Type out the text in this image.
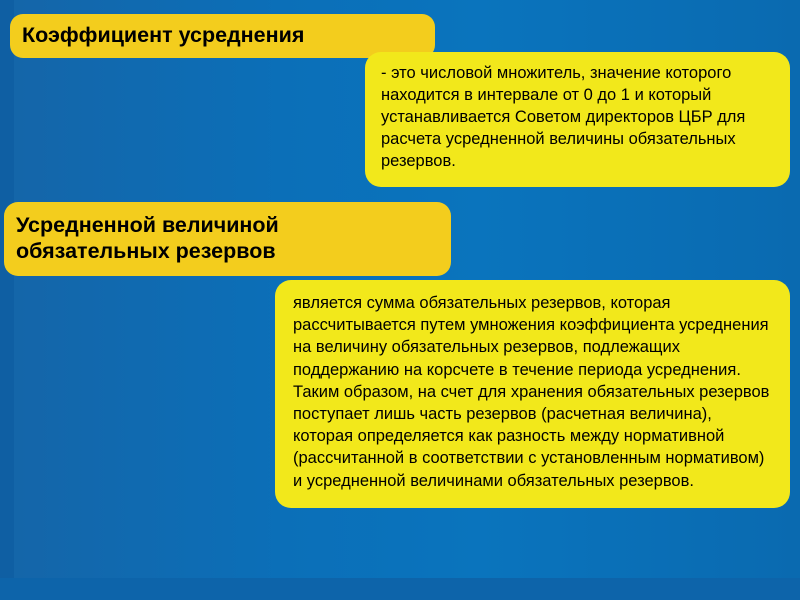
Коэффициент усреднения
- это числовой множитель, значение которого находится в интервале от 0 до 1 и который устанавливается Советом директоров ЦБР для расчета усредненной величины обязательных резервов.
Усредненной величиной обязательных резервов

является сумма обязательных резервов, которая рассчитывается путем умножения коэффициента усреднения на величину обязательных резервов, подлежащих поддержанию на корсчете в течение периода усреднения.

Таким образом, на счет для хранения обязательных резервов поступает лишь часть резервов (расчетная величина), которая определяется как разность между нормативной (рассчитанной в соответствии с установленным нормативом) и усредненной величинами обязательных резервов.
